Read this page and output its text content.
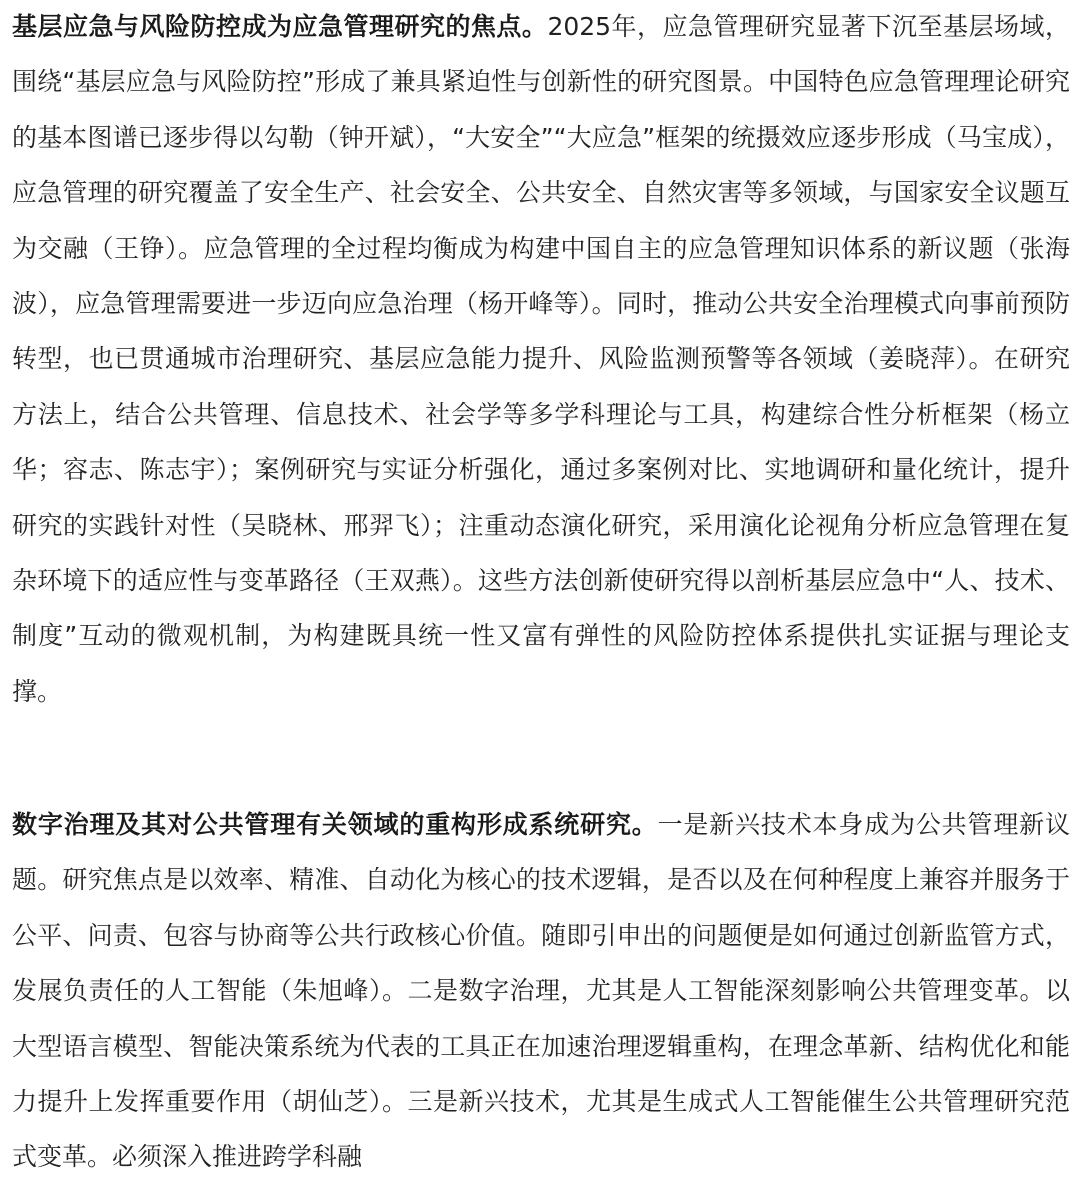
基层应急与风险防控成为应急管理研究的焦点。2025年，应急管理研究显著下沉至基层场域，围绕“基层应急与风险防控”形成了兼具紧迫性与创新性的研究图景。中国特色应急管理理论研究的基本图谱已逐步得以勾勒（钟开斌），“大安全”“大应急”框架的统摄效应逐步形成（马宝成），应急管理的研究覆盖了安全生产、社会安全、公共安全、自然灾害等多领域，与国家安全议题互为交融（王铮）。应急管理的全过程均衡成为构建中国自主的应急管理知识体系的新议题（张海波），应急管理需要进一步迈向应急治理（杨开峰等）。同时，推动公共安全治理模式向事前预防转型，也已贯通城市治理研究、基层应急能力提升、风险监测预警等各领域（姜晓萍）。在研究方法上，结合公共管理、信息技术、社会学等多学科理论与工具，构建综合性分析框架（杨立华；容志、陈志宇）；案例研究与实证分析强化，通过多案例对比、实地调研和量化统计，提升研究的实践针对性（吴晓林、邢羿飞）；注重动态演化研究，采用演化论视角分析应急管理在复杂环境下的适应性与变革路径（王双燕）。这些方法创新使研究得以剖析基层应急中“人、技术、制度”互动的微观机制，为构建既具统一性又富有弹性的风险防控体系提供扎实证据与理论支撑。

数字治理及其对公共管理有关领域的重构形成系统研究。一是新兴技术本身成为公共管理新议题。研究焦点是以效率、精准、自动化为核心的技术逻辑，是否以及在何种程度上兼容并服务于公平、问责、包容与协商等公共行政核心价值。随即引申出的问题便是如何通过创新监管方式，发展负责任的人工智能（朱旭峰）。二是数字治理，尤其是人工智能深刻影响公共管理变革。以大型语言模型、智能决策系统为代表的工具正在加速治理逻辑重构，在理念革新、结构优化和能力提升上发挥重要作用（胡仙芝）。三是新兴技术，尤其是生成式人工智能催生公共管理研究范式变革。必须深入推进跨学科融
